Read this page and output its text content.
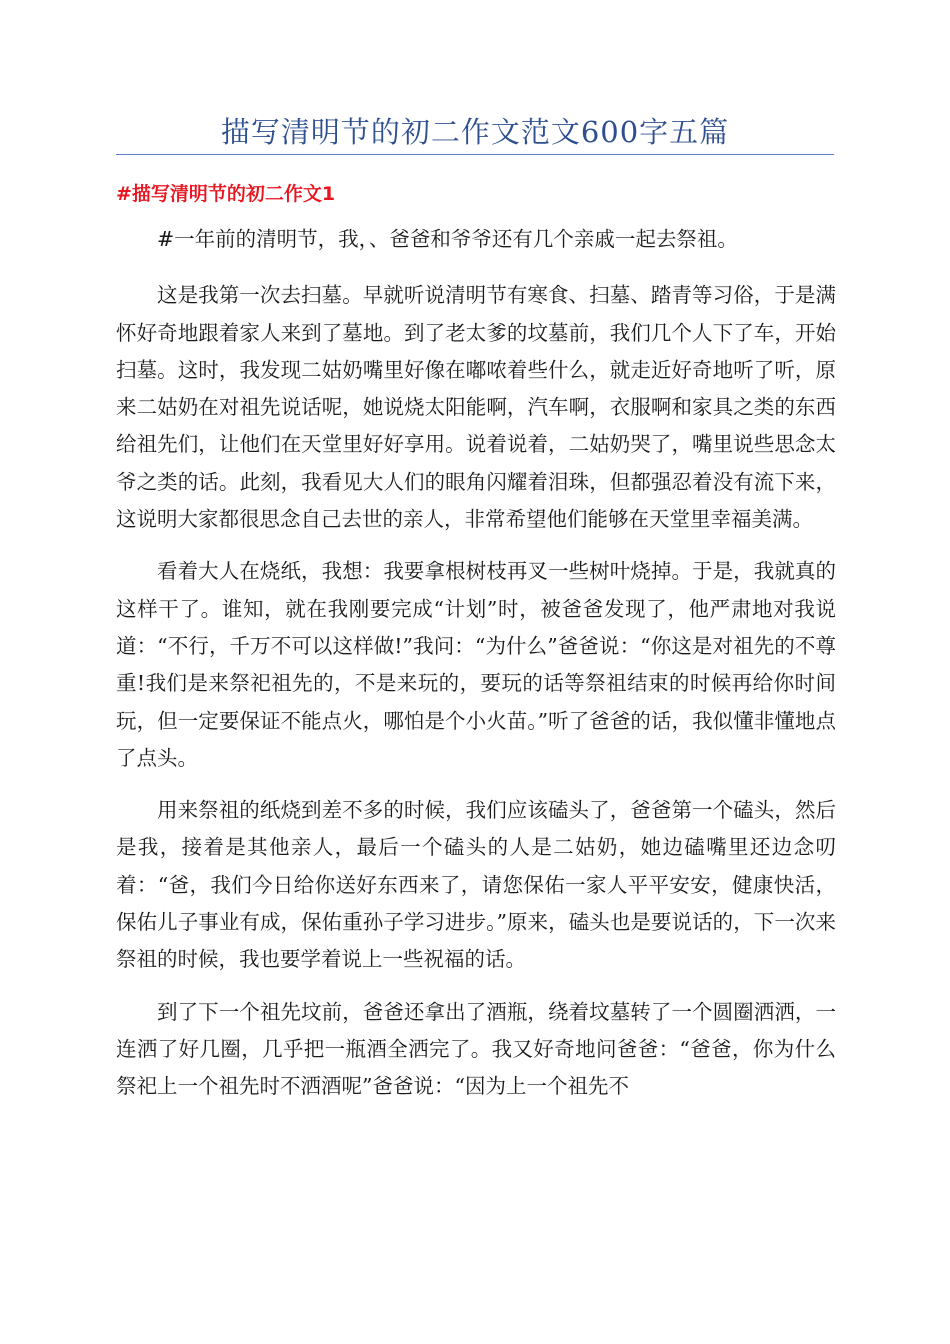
描写清明节的初二作文范文600字五篇
#描写清明节的初二作文1

#一年前的清明节，我，、爸爸和爷爷还有几个亲戚一起去祭祖。

这是我第一次去扫墓。早就听说清明节有寒食、扫墓、踏青等习俗，于是满怀好奇地跟着家人来到了墓地。到了老太爹的坟墓前，我们几个人下了车，开始扫墓。这时，我发现二姑奶嘴里好像在嘟哝着些什么，就走近好奇地听了听，原来二姑奶在对祖先说话呢，她说烧太阳能啊，汽车啊，衣服啊和家具之类的东西给祖先们，让他们在天堂里好好享用。说着说着，二姑奶哭了，嘴里说些思念太爷之类的话。此刻，我看见大人们的眼角闪耀着泪珠，但都强忍着没有流下来，这说明大家都很思念自己去世的亲人，非常希望他们能够在天堂里幸福美满。

看着大人在烧纸，我想：我要拿根树枝再叉一些树叶烧掉。于是，我就真的这样干了。谁知，就在我刚要完成“计划”时，被爸爸发现了，他严肃地对我说道：“不行，千万不可以这样做!”我问：“为什么”爸爸说：“你这是对祖先的不尊重!我们是来祭祀祖先的，不是来玩的，要玩的话等祭祖结束的时候再给你时间玩，但一定要保证不能点火，哪怕是个小火苗。”听了爸爸的话，我似懂非懂地点了点头。

用来祭祖的纸烧到差不多的时候，我们应该磕头了，爸爸第一个磕头，然后是我，接着是其他亲人，最后一个磕头的人是二姑奶，她边磕嘴里还边念叨着：“爸，我们今日给你送好东西来了，请您保佑一家人平平安安，健康快活，保佑儿子事业有成，保佑重孙子学习进步。”原来，磕头也是要说话的，下一次来祭祖的时候，我也要学着说上一些祝福的话。

到了下一个祖先坟前，爸爸还拿出了酒瓶，绕着坟墓转了一个圆圈洒洒，一连洒了好几圈，几乎把一瓶酒全洒完了。我又好奇地问爸爸：“爸爸，你为什么祭祀上一个祖先时不洒酒呢”爸爸说：“因为上一个祖先不
